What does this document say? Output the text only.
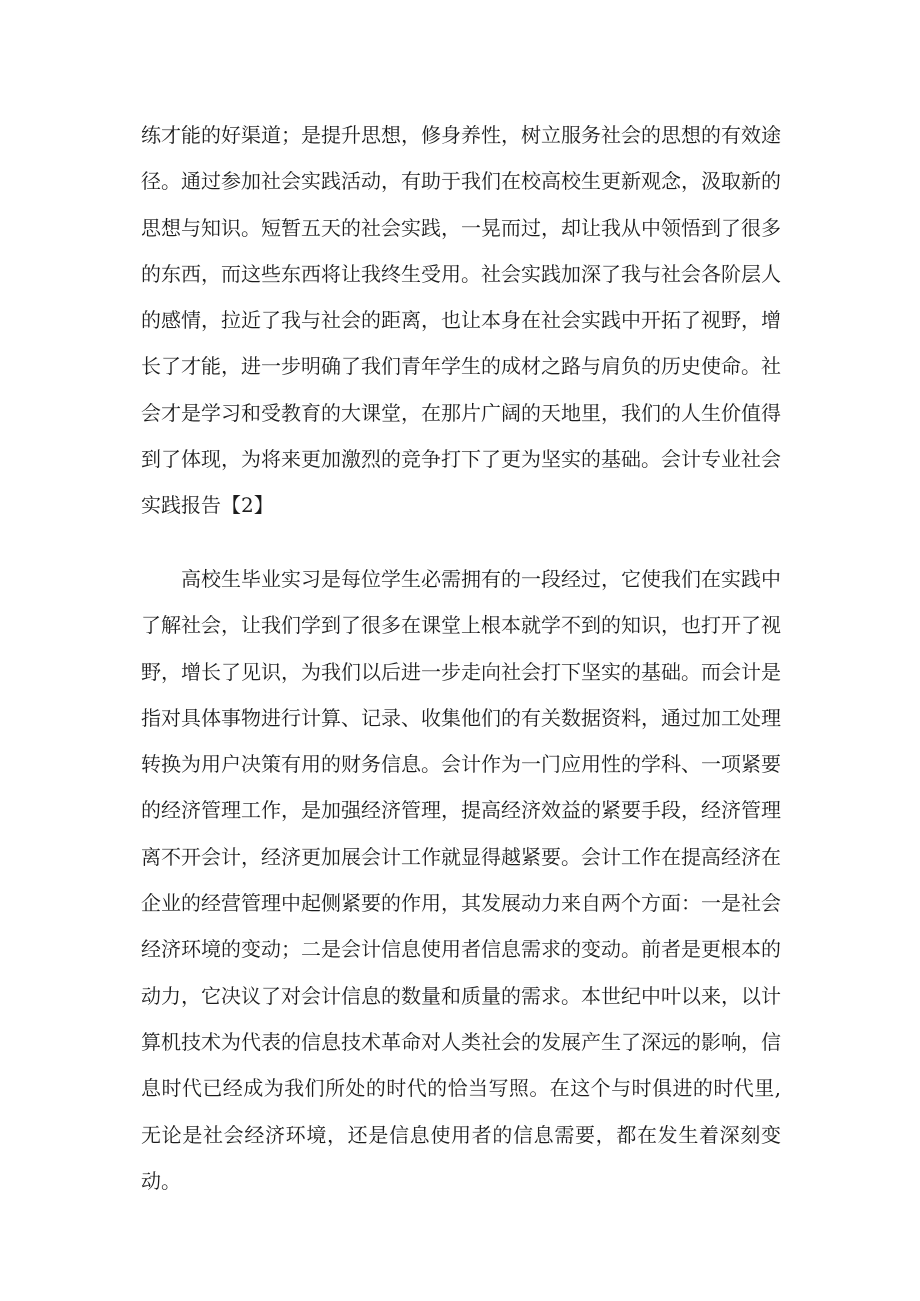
练才能的好渠道；是提升思想，修身养性，树立服务社会的思想的有效途径。通过参加社会实践活动，有助于我们在校高校生更新观念，汲取新的思想与知识。短暂五天的社会实践，一晃而过，却让我从中领悟到了很多的东西，而这些东西将让我终生受用。社会实践加深了我与社会各阶层人的感情，拉近了我与社会的距离，也让本身在社会实践中开拓了视野，增长了才能，进一步明确了我们青年学生的成材之路与肩负的历史使命。社会才是学习和受教育的大课堂，在那片广阔的天地里，我们的人生价值得到了体现，为将来更加激烈的竞争打下了更为坚实的基础。会计专业社会实践报告【2】

高校生毕业实习是每位学生必需拥有的一段经过，它使我们在实践中了解社会，让我们学到了很多在课堂上根本就学不到的知识，也打开了视野，增长了见识，为我们以后进一步走向社会打下坚实的基础。而会计是指对具体事物进行计算、记录、收集他们的有关数据资料，通过加工处理转换为用户决策有用的财务信息。会计作为一门应用性的学科、一项紧要的经济管理工作，是加强经济管理，提高经济效益的紧要手段，经济管理离不开会计，经济更加展会计工作就显得越紧要。会计工作在提高经济在企业的经营管理中起侧紧要的作用，其发展动力来自两个方面：一是社会经济环境的变动；二是会计信息使用者信息需求的变动。前者是更根本的动力，它决议了对会计信息的数量和质量的需求。本世纪中叶以来，以计算机技术为代表的信息技术革命对人类社会的发展产生了深远的影响，信息时代已经成为我们所处的时代的恰当写照。在这个与时俱进的时代里,无论是社会经济环境，还是信息使用者的信息需要，都在发生着深刻变动。
